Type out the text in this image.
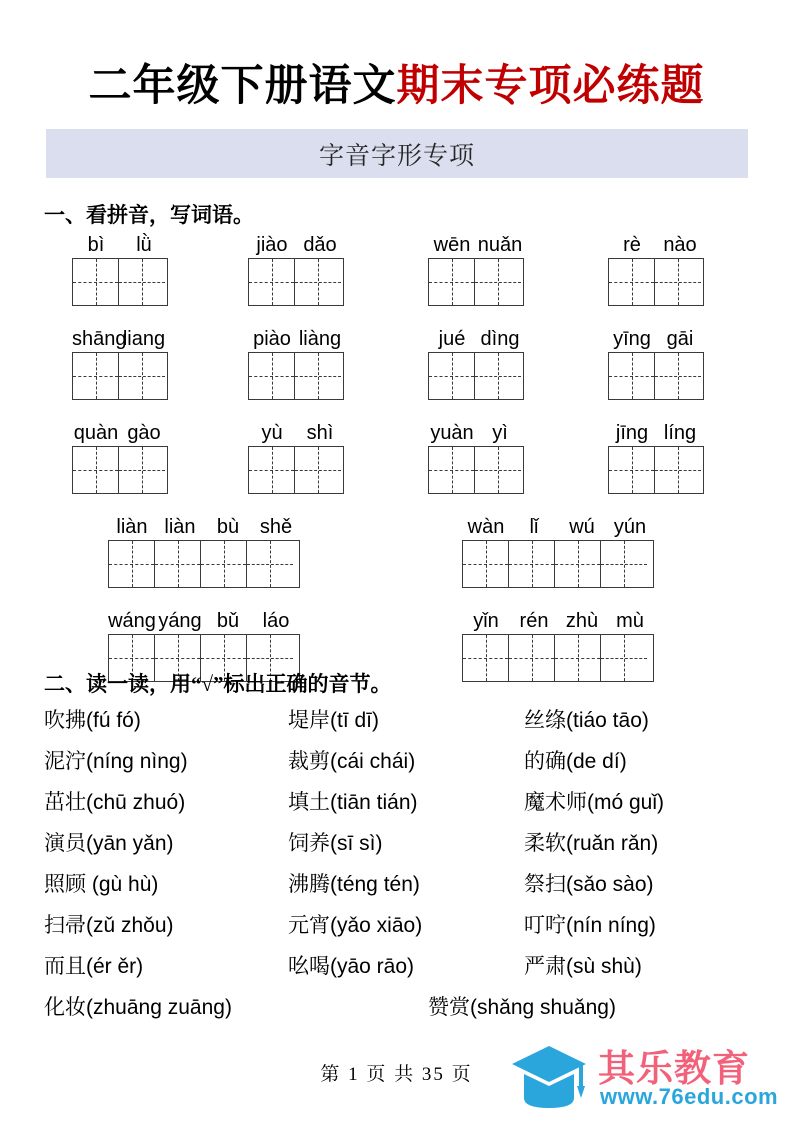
二年级下册语文期末专项必练题
字音字形专项
一、看拼音，写词语。
bì	lǜ	jiào dǎo	wēn nuǎn	rè	nào
shāng
liang	piào liàng	jué dìng	yīng gāi
quàn gào	yù	shì	yuàn yì	jīng líng
liàn liàn	bù	shě	wàn	lǐ	wú yún
wáng yáng bǔ	láo	yǐn	rén zhù mù
二、读一读，用“√”标出正确的音节。
吹拂(fú fó)	堤岸(tī dī)	丝绦(tiáo tāo)
泥泞(níng nìng)	裁剪(cái chái)	的确(de dí)
茁壮(chū zhuó)	填土(tiān tián)	魔术师(mó guǐ)
演员(yān yǎn)	饲养(sī sì)	柔软(ruǎn rǎn)
照顾 (gù hù)	沸腾(téng tén)	祭扫(sǎo sào)
扫帚(zǔ zhǒu)	元宵(yǎo xiāo)	叮咛(nín níng)
而且(ér ěr)	吆喝(yāo rāo)	严肃(sù shù)
化妆(zhuāng zuāng)	赞赏(shǎng shuǎng)
第 1 页 共 35 页	其乐教育
www.76edu.com
